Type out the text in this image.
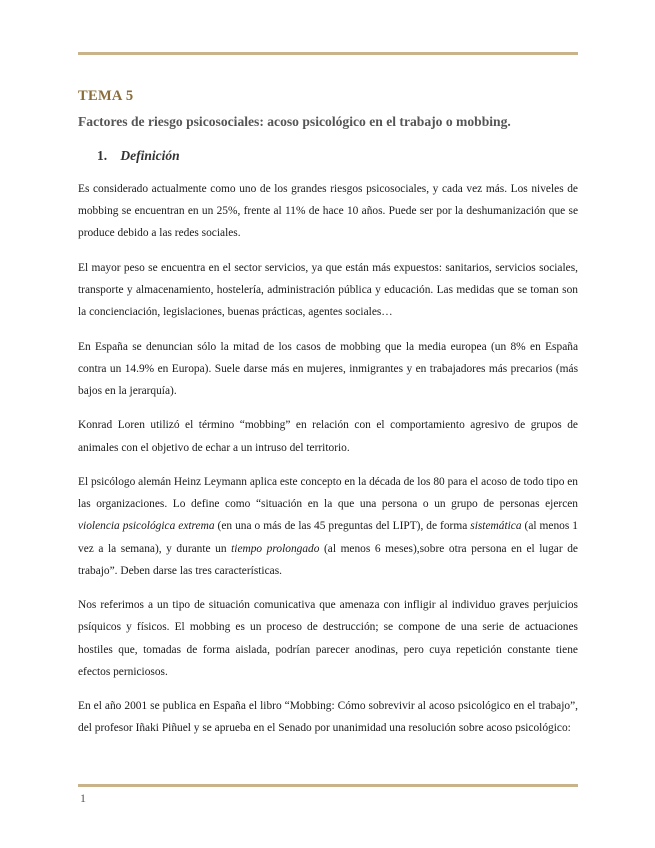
TEMA 5
Factores de riesgo psicosociales: acoso psicológico en el trabajo o mobbing.
1. Definición

Es considerado actualmente como uno de los grandes riesgos psicosociales, y cada vez más. Los niveles de mobbing se encuentran en un 25%, frente al 11% de hace 10 años. Puede ser por la deshumanización que se produce debido a las redes sociales.

El mayor peso se encuentra en el sector servicios, ya que están más expuestos: sanitarios, servicios sociales, transporte y almacenamiento, hostelería, administración pública y educación. Las medidas que se toman son la concienciación, legislaciones, buenas prácticas, agentes sociales…

En España se denuncian sólo la mitad de los casos de mobbing que la media europea (un 8% en España contra un 14.9% en Europa). Suele darse más en mujeres, inmigrantes y en trabajadores más precarios (más bajos en la jerarquía).

Konrad Loren utilizó el término “mobbing” en relación con el comportamiento agresivo de grupos de animales con el objetivo de echar a un intruso del territorio.

El psicólogo alemán Heinz Leymann aplica este concepto en la década de los 80 para el acoso de todo tipo en las organizaciones. Lo define como “situación en la que una persona o un grupo de personas ejercen violencia psicológica extrema (en una o más de las 45 preguntas del LIPT), de forma sistemática (al menos 1 vez a la semana), y durante un tiempo prolongado (al menos 6 meses),sobre otra persona en el lugar de trabajo”. Deben darse las tres características.

Nos referimos a un tipo de situación comunicativa que amenaza con infligir al individuo graves perjuicios psíquicos y físicos. El mobbing es un proceso de destrucción; se compone de una serie de actuaciones hostiles que, tomadas de forma aislada, podrían parecer anodinas, pero cuya repetición constante tiene efectos perniciosos.

En el año 2001 se publica en España el libro “Mobbing: Cómo sobrevivir al acoso psicológico en el trabajo”, del profesor Iñaki Piñuel y se aprueba en el Senado por unanimidad una resolución sobre acoso psicológico:

1
